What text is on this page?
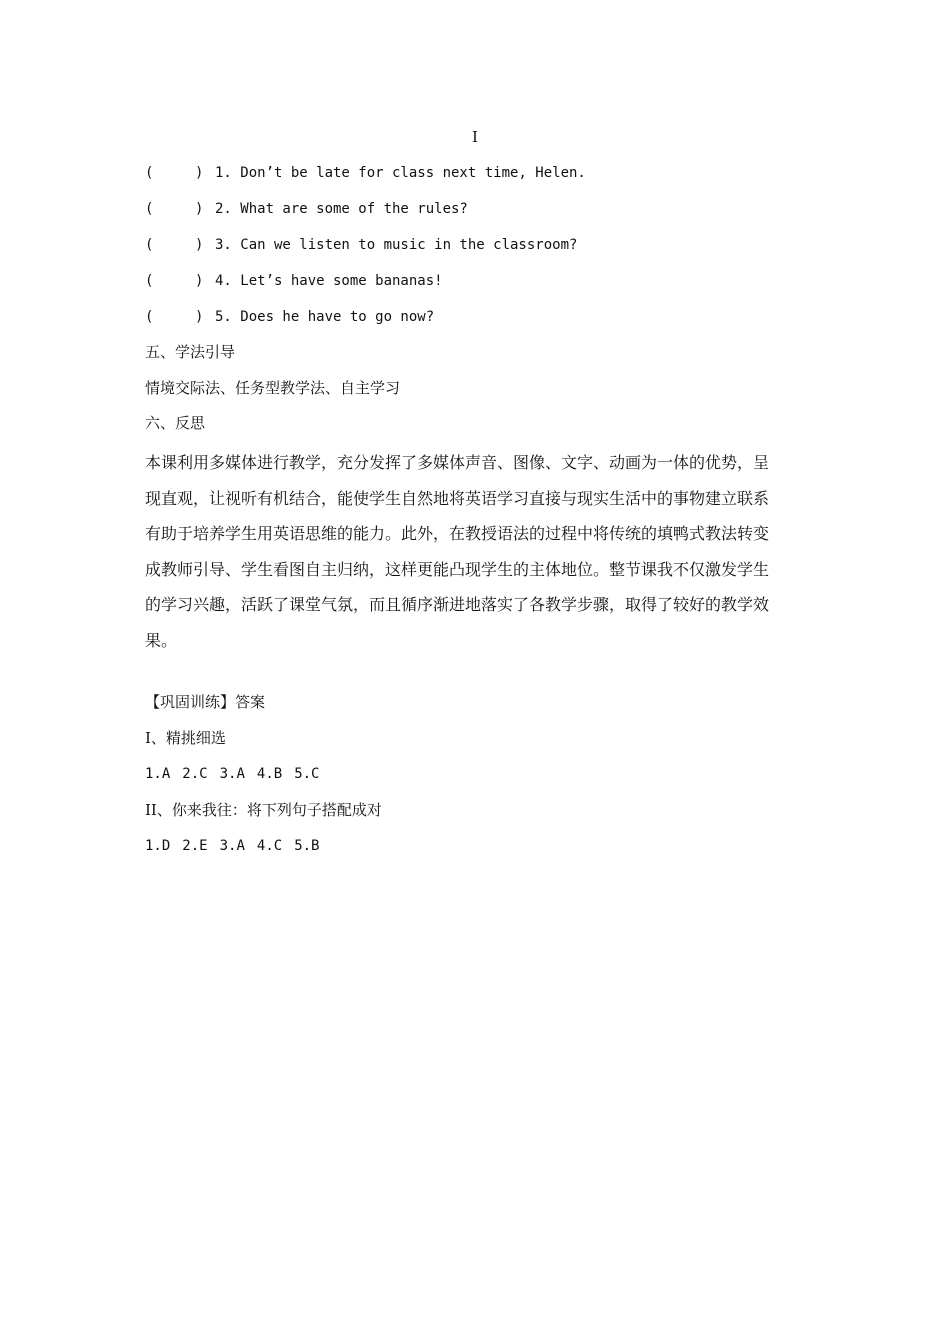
I
(	) 1. Don’t be late for class next time, Helen.
(	) 2. What are some of the rules?
(	) 3. Can we listen to music in the classroom?
(	) 4. Let’s have some bananas!
(	) 5. Does he have to go now?
五、学法引导
情境交际法、任务型教学法、自主学习
六、反思
本课利用多媒体进行教学，充分发挥了多媒体声音、图像、文字、动画为一体的优势，呈
现直观，让视听有机结合，能使学生自然地将英语学习直接与现实生活中的事物建立联系
有助于培养学生用英语思维的能力。此外，在教授语法的过程中将传统的填鸭式教法转变
成教师引导、学生看图自主归纳，这样更能凸现学生的主体地位。整节课我不仅激发学生
的学习兴趣，活跃了课堂气氛，而且循序渐进地落实了各教学步骤，取得了较好的教学效
果。
【巩固训练】答案
I、精挑细选
1.A 2.C 3.A 4.B 5.C
II、你来我往：将下列句子搭配成对
1.D 2.E 3.A 4.C 5.B
